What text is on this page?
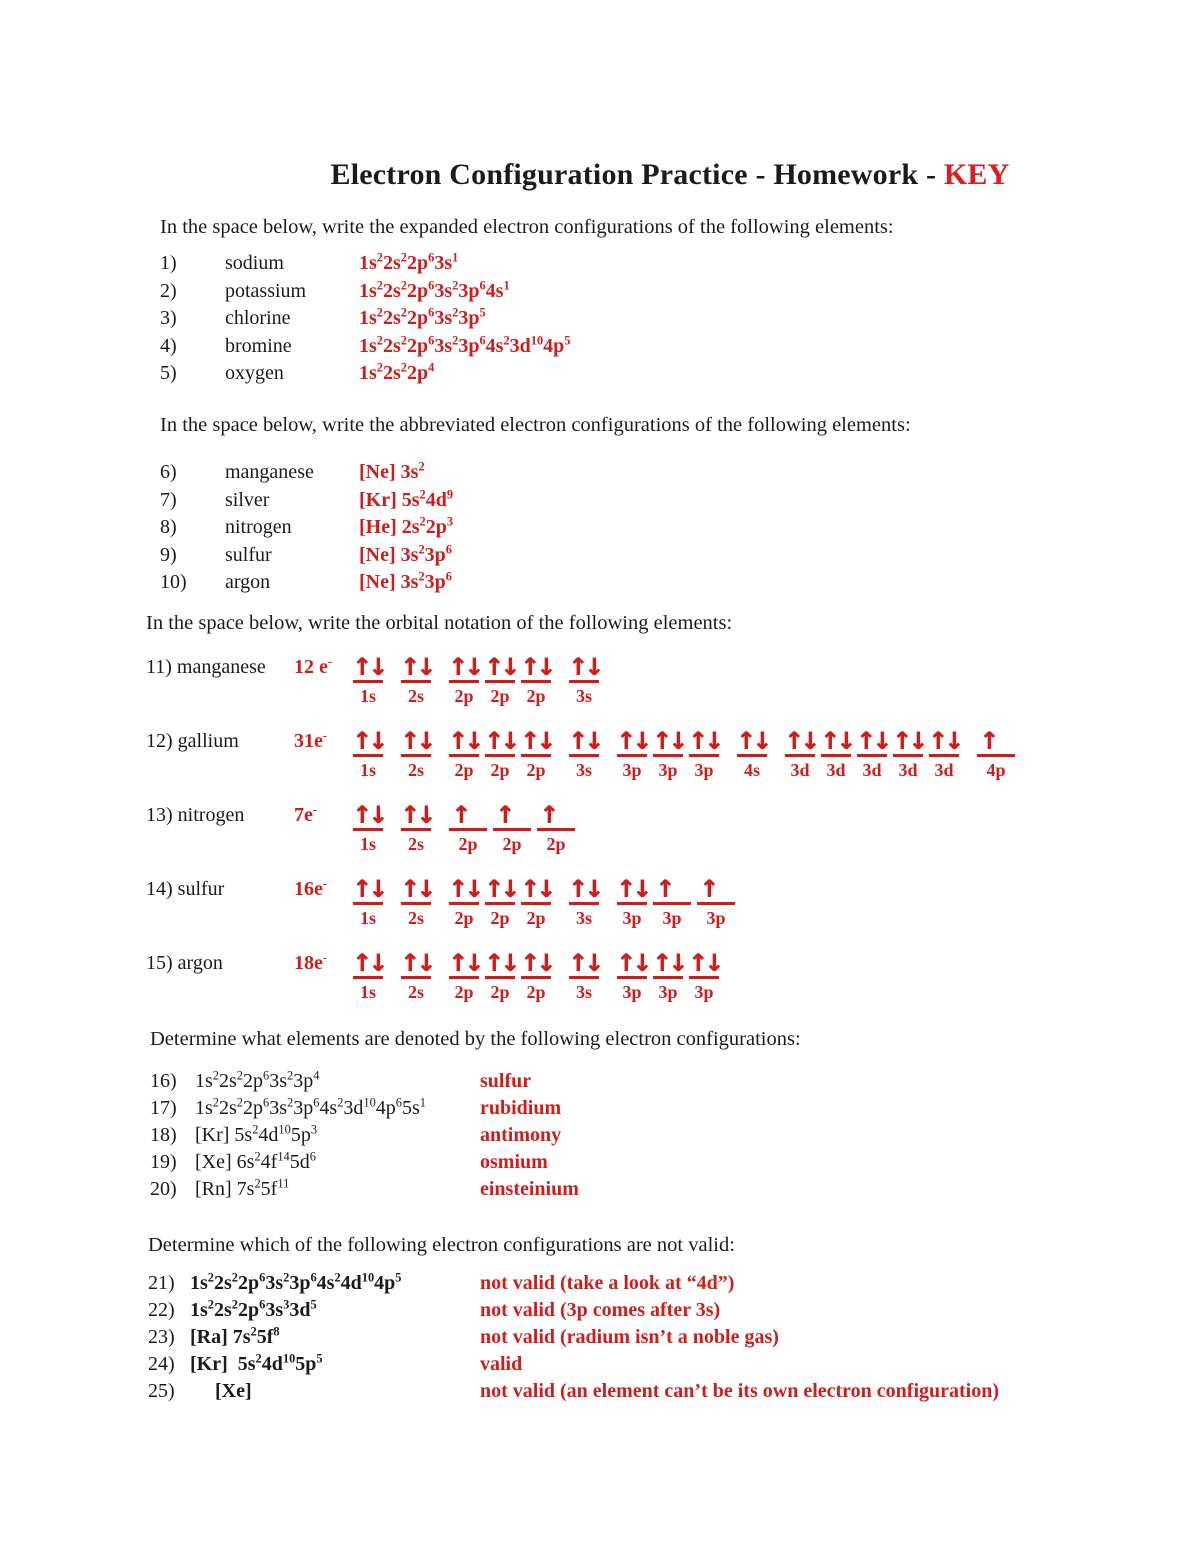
Electron Configuration Practice - Homework - KEY
In the space below, write the expanded electron configurations of the following elements:
1)	sodium	$1s^22s^22p^63s^1$
2)	potassium	$1s^22s^22p^63s^23p^64s^1$
3)	chlorine	$1s^22s^22p^63s^23p^5$
4)	bromine	$1s^22s^22p^63s^23p^64s^23d^{10}4p^5$
5)	oxygen	$1s^22s^22p^4$
In the space below, write the abbreviated electron configurations of the following elements:
6)	manganese	[Ne] $3s^2$
7)	silver	[Kr] $5s^24d^9$
8)	nitrogen	[He] $2s^22p^3$
9)	sulfur	[Ne] $3s^23p^6$
10)	argon	[Ne] $3s^23p^6$
In the space below, write the orbital notation of the following elements:
11) manganese	12 e- ↑↓
1s
↑↓
2s
↑↓
2p
↑↓
2p
↑↓
2p
↑↓
3s
12) gallium	31e-	↑↓
1s
↑↓
2s
↑↓
2p
↑↓
2p
↑↓
2p
↑↓
3s
↑↓
3p
↑↓
3p
↑↓
3p
↑↓
4s
↑↓
3d
↑↓
3d
↑↓
3d
↑↓
3d
↑↓
3d
↑
4p
13) nitrogen	7e-	↑↓
1s
↑↓
2s
↑
2p
↑
2p
↑
2p
14) sulfur	16e-	↑↓
1s
↑↓
2s
↑↓
2p
↑↓
2p
↑↓
2p
↑↓
3s
↑↓
3p
↑
3p
↑
3p
15) argon	18e-	↑↓
1s
↑↓
2s
↑↓
2p
↑↓
2p
↑↓
2p
↑↓
3s
↑↓
3p
↑↓
3p
↑↓
3p
Determine what elements are denoted by the following electron configurations:
16) $1s^22s^22p^63s^23p^4$	sulfur
17) $1s^22s^22p^63s^23p^64s^23d^{10}4p^65s^1$	rubidium
18) [Kr] $5s^24d^{10}5p^3$	antimony
19) [Xe] $6s^24f^{14}5d^6$	osmium
20) [Rn] $7s^25f^{11}$	einsteinium
Determine which of the following electron configurations are not valid:
21) $1s^22s^22p^63s^23p^64s^24d^{10}4p^5$	not valid (take a look at “4d”)
22) $1s^22s^22p^63s^33d^5$	not valid (3p comes after 3s)
23) [Ra] $7s^25f^8$	not valid (radium isn’t a noble gas)
24) [Kr]  $5s^24d^{10}5p^5$	valid
25) [Xe]	not valid (an element can’t be its own electron configuration)
